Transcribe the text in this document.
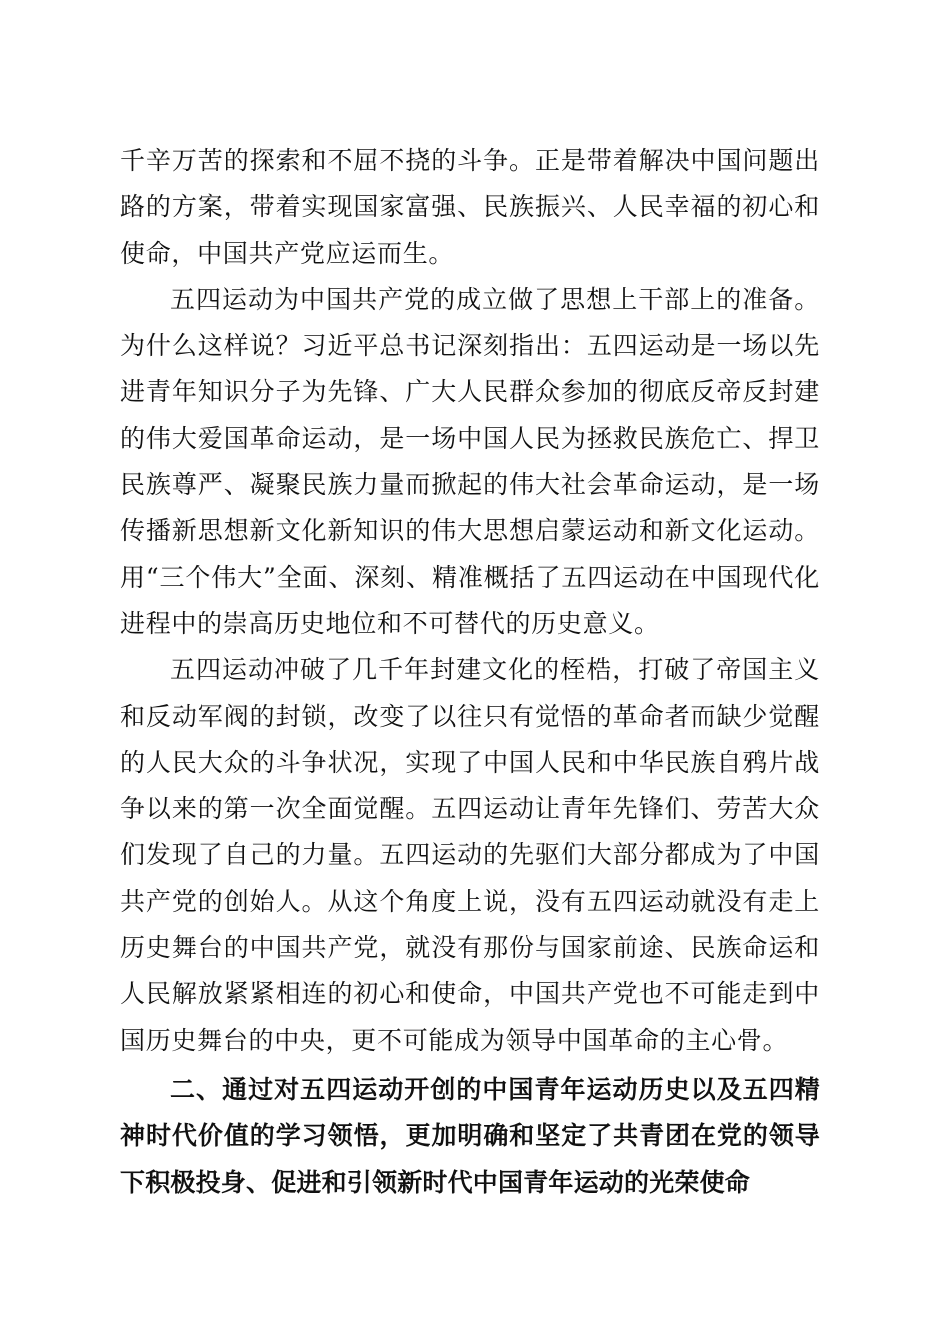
千辛万苦的探索和不屈不挠的斗争。正是带着解决中国问题出路的方案，带着实现国家富强、民族振兴、人民幸福的初心和使命，中国共产党应运而生。

五四运动为中国共产党的成立做了思想上干部上的准备。为什么这样说？习近平总书记深刻指出：五四运动是一场以先进青年知识分子为先锋、广大人民群众参加的彻底反帝反封建的伟大爱国革命运动，是一场中国人民为拯救民族危亡、捍卫民族尊严、凝聚民族力量而掀起的伟大社会革命运动，是一场传播新思想新文化新知识的伟大思想启蒙运动和新文化运动。用“三个伟大”全面、深刻、精准概括了五四运动在中国现代化进程中的崇高历史地位和不可替代的历史意义。

五四运动冲破了几千年封建文化的桎梏，打破了帝国主义和反动军阀的封锁，改变了以往只有觉悟的革命者而缺少觉醒的人民大众的斗争状况，实现了中国人民和中华民族自鸦片战争以来的第一次全面觉醒。五四运动让青年先锋们、劳苦大众们发现了自己的力量。五四运动的先驱们大部分都成为了中国共产党的创始人。从这个角度上说，没有五四运动就没有走上历史舞台的中国共产党，就没有那份与国家前途、民族命运和人民解放紧紧相连的初心和使命，中国共产党也不可能走到中国历史舞台的中央，更不可能成为领导中国革命的主心骨。

二、通过对五四运动开创的中国青年运动历史以及五四精神时代价值的学习领悟，更加明确和坚定了共青团在党的领导下积极投身、促进和引领新时代中国青年运动的光荣使命
